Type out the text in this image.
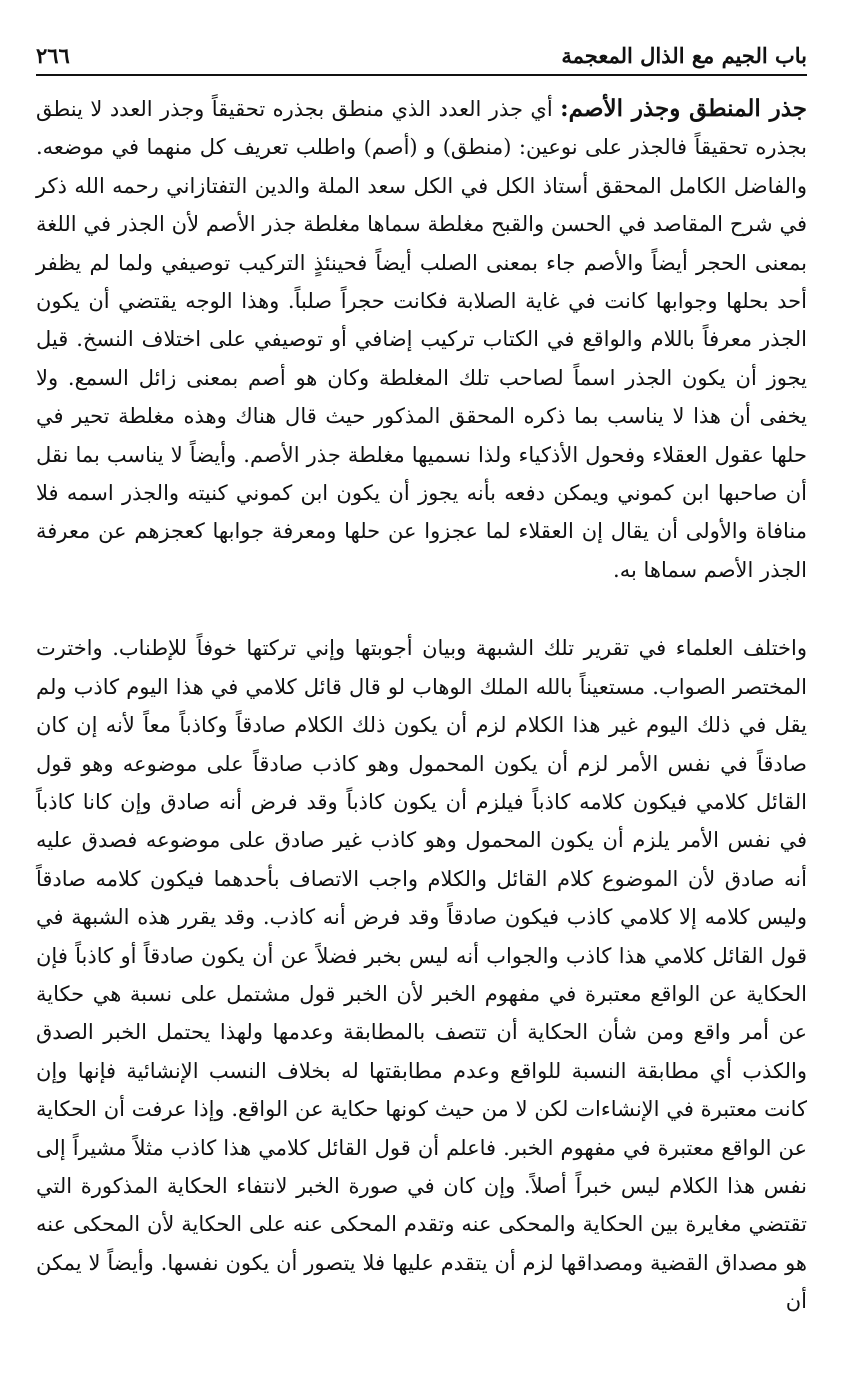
باب الجيم مع الذال المعجمة
٢٦٦

جذر المنطق وجذر الأصم: أي جذر العدد الذي منطق بجذره تحقيقاً وجذر العدد لا ينطق بجذره تحقيقاً فالجذر على نوعين: (منطق) و (أصم) واطلب تعريف كل منهما في موضعه. والفاضل الكامل المحقق أستاذ الكل في الكل سعد الملة والدين التفتازاني رحمه الله ذكر في شرح المقاصد في الحسن والقبح مغلطة سماها مغلطة جذر الأصم لأن الجذر في اللغة بمعنى الحجر أيضاً والأصم جاء بمعنى الصلب أيضاً فحينئذٍ التركيب توصيفي ولما لم يظفر أحد بحلها وجوابها كانت في غاية الصلابة فكانت حجراً صلباً. وهذا الوجه يقتضي أن يكون الجذر معرفاً باللام والواقع في الكتاب تركيب إضافي أو توصيفي على اختلاف النسخ. قيل يجوز أن يكون الجذر اسماً لصاحب تلك المغلطة وكان هو أصم بمعنى زائل السمع. ولا يخفى أن هذا لا يناسب بما ذكره المحقق المذكور حيث قال هناك وهذه مغلطة تحير في حلها عقول العقلاء وفحول الأذكياء ولذا نسميها مغلطة جذر الأصم. وأيضاً لا يناسب بما نقل أن صاحبها ابن كموني ويمكن دفعه بأنه يجوز أن يكون ابن كموني كنيته والجذر اسمه فلا منافاة والأولى أن يقال إن العقلاء لما عجزوا عن حلها ومعرفة جوابها كعجزهم عن معرفة الجذر الأصم سماها به.

واختلف العلماء في تقرير تلك الشبهة وبيان أجوبتها وإني تركتها خوفاً للإطناب. واخترت المختصر الصواب. مستعيناً بالله الملك الوهاب لو قال قائل كلامي في هذا اليوم كاذب ولم يقل في ذلك اليوم غير هذا الكلام لزم أن يكون ذلك الكلام صادقاً وكاذباً معاً لأنه إن كان صادقاً في نفس الأمر لزم أن يكون المحمول وهو كاذب صادقاً على موضوعه وهو قول القائل كلامي فيكون كلامه كاذباً فيلزم أن يكون كاذباً وقد فرض أنه صادق وإن كانا كاذباً في نفس الأمر يلزم أن يكون المحمول وهو كاذب غير صادق على موضوعه فصدق عليه أنه صادق لأن الموضوع كلام القائل والكلام واجب الاتصاف بأحدهما فيكون كلامه صادقاً وليس كلامه إلا كلامي كاذب فيكون صادقاً وقد فرض أنه كاذب. وقد يقرر هذه الشبهة في قول القائل كلامي هذا كاذب والجواب أنه ليس بخبر فضلاً عن أن يكون صادقاً أو كاذباً فإن الحكاية عن الواقع معتبرة في مفهوم الخبر لأن الخبر قول مشتمل على نسبة هي حكاية عن أمر واقع ومن شأن الحكاية أن تتصف بالمطابقة وعدمها ولهذا يحتمل الخبر الصدق والكذب أي مطابقة النسبة للواقع وعدم مطابقتها له بخلاف النسب الإنشائية فإنها وإن كانت معتبرة في الإنشاءات لكن لا من حيث كونها حكاية عن الواقع. وإذا عرفت أن الحكاية عن الواقع معتبرة في مفهوم الخبر. فاعلم أن قول القائل كلامي هذا كاذب مثلاً مشيراً إلى نفس هذا الكلام ليس خبراً أصلاً. وإن كان في صورة الخبر لانتفاء الحكاية المذكورة التي تقتضي مغايرة بين الحكاية والمحكى عنه وتقدم المحكى عنه على الحكاية لأن المحكى عنه هو مصداق القضية ومصداقها لزم أن يتقدم عليها فلا يتصور أن يكون نفسها. وأيضاً لا يمكن أن
